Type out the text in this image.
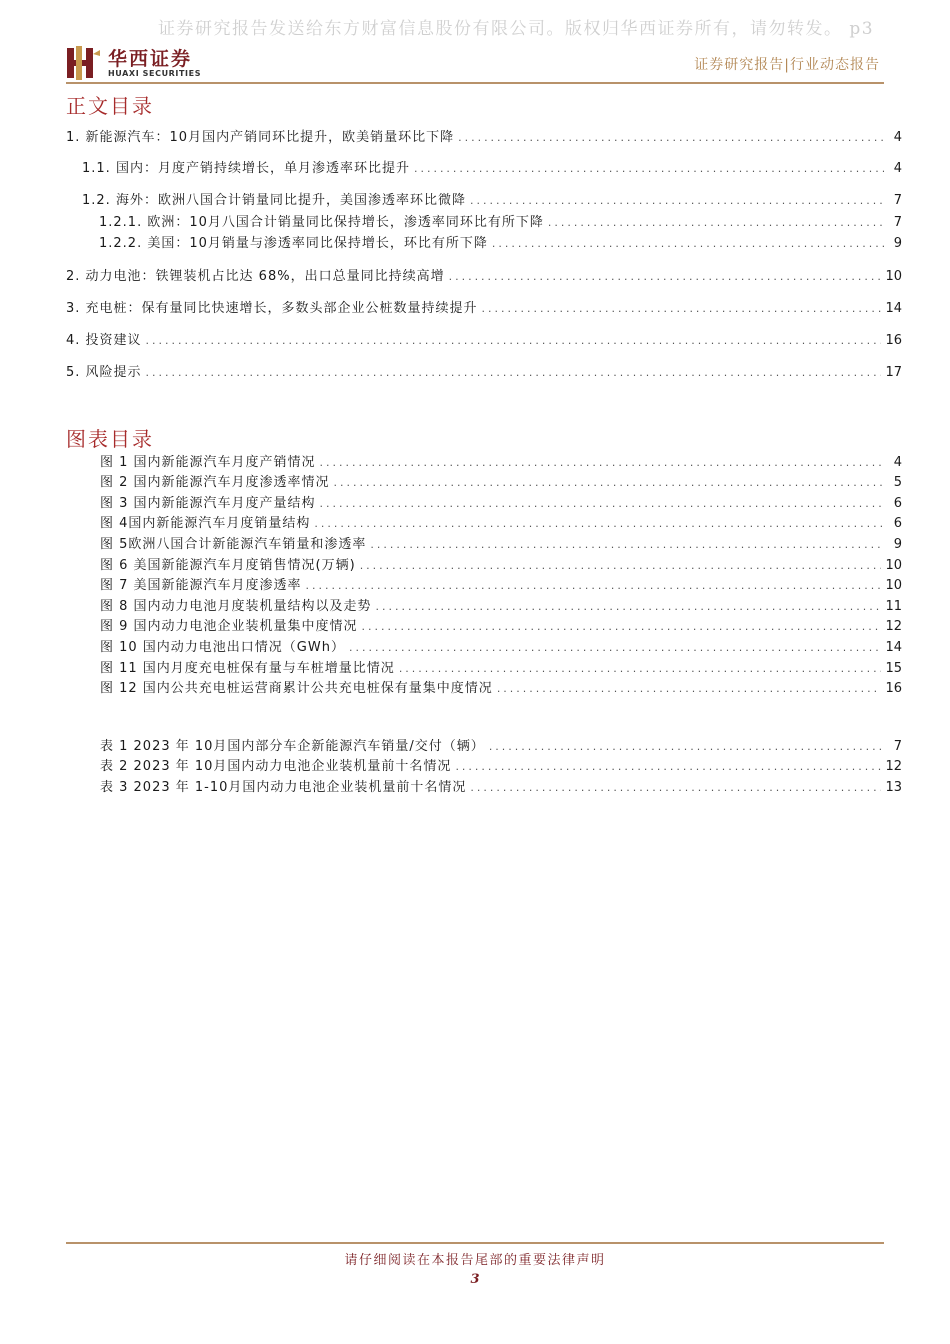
证券研究报告发送给东方财富信息股份有限公司。版权归华西证券所有，请勿转发。 p3
华西证券
HUAXI SECURITIES
证券研究报告|行业动态报告
正文目录
1. 新能源汽车：10月国内产销同环比提升，欧美销量环比下降 .....	4
1.1. 国内：月度产销持续增长，单月渗透率环比提升 .....	4
1.2. 海外：欧洲八国合计销量同比提升，美国渗透率环比微降 .....	7
1.2.1. 欧洲：10月八国合计销量同比保持增长，渗透率同环比有所下降 .....	7
1.2.2. 美国：10月销量与渗透率同比保持增长，环比有所下降 .....	9
2. 动力电池：铁锂装机占比达 68%，出口总量同比持续高增 .....	10
3. 充电桩：保有量同比快速增长，多数头部企业公桩数量持续提升 .....	14
4. 投资建议 .....	16
5. 风险提示 .....	17
图表目录
图 1 国内新能源汽车月度产销情况 .....	4
图 2 国内新能源汽车月度渗透率情况 .....	5
图 3 国内新能源汽车月度产量结构 .....	6
图 4国内新能源汽车月度销量结构 .....	6
图 5欧洲八国合计新能源汽车销量和渗透率 .....	9
图 6 美国新能源汽车月度销售情况(万辆) .....	10
图 7 美国新能源汽车月度渗透率 .....	10
图 8 国内动力电池月度装机量结构以及走势 .....	11
图 9 国内动力电池企业装机量集中度情况 .....	12
图 10 国内动力电池出口情况（GWh） .....	14
图 11 国内月度充电桩保有量与车桩增量比情况 .....	15
图 12 国内公共充电桩运营商累计公共充电桩保有量集中度情况 .....	16
表 1 2023 年 10月国内部分车企新能源汽车销量/交付（辆） .....	7
表 2 2023 年 10月国内动力电池企业装机量前十名情况 .....	12
表 3 2023 年 1-10月国内动力电池企业装机量前十名情况 .....	13
请仔细阅读在本报告尾部的重要法律声明
3
